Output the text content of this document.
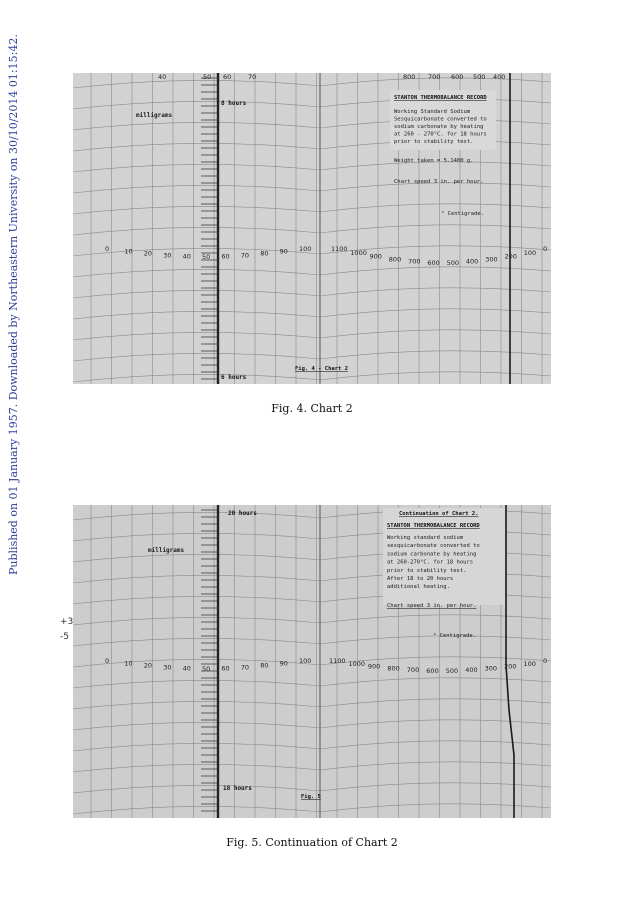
Published on 01 January 1957. Downloaded by Northeastern University on 30/10/2014 01:15:42.	milligrams
8 hours
6 hours
Fig. 4 - Chart 2
40	50 60	70	800 700 600 500 400
STANTON THERMOBALANCE RECORD
Working Standard Sodium
Sesquicarbonate converted to
sodium carbonate by heating
at 260 - 270°C. for 18 hours
prior to stability test.
Weight taken = 5.1400 g.
Chart speed 3 in. per hour.
° Centigrade.
0 10 20 30 40 50 60 70 80 90 100	1100 1000 900 800 700 600 500 400 300 200 100 0
Fig. 4. Chart 2
20 hours
milligrams
18 hours
Fig. 5
Continuation of Chart 2.
STANTON THERMOBALANCE RECORD
Working standard sodium
sesquicarbonate converted to
sodium carbonate by heating
at 260-270°C. for 18 hours
prior to stability test.
After 18 to 20 hours
additional heating.
Chart speed 3 in. per hour.
° Centigrade.
0 10 20 30 40 50 60 70 80 90 100	1100 1000 900 800 700 600 500 400 300 200 100 0
+3
-5
Fig. 5. Continuation of Chart 2
